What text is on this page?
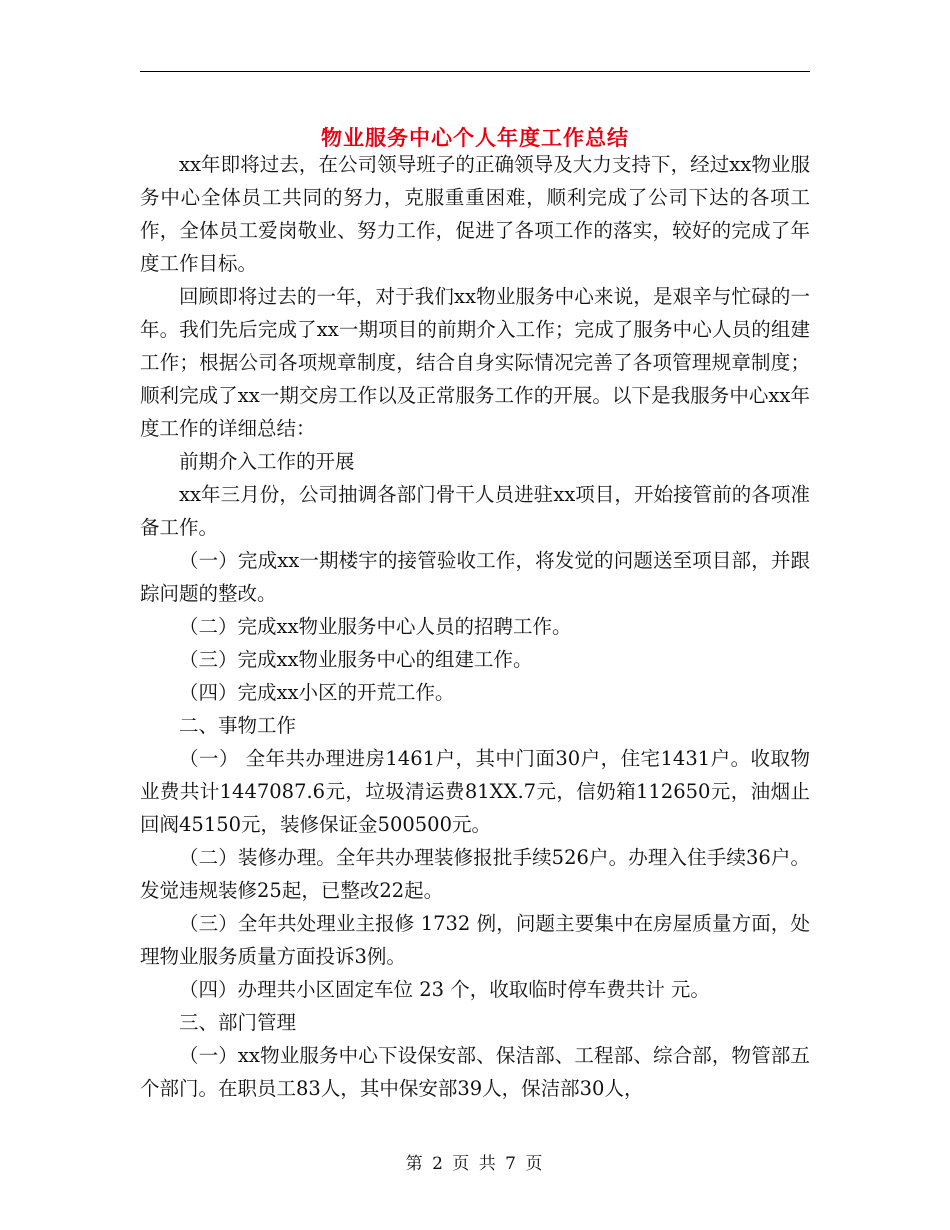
物业服务中心个人年度工作总结

xx年即将过去，在公司领导班子的正确领导及大力支持下，经过xx物业服务中心全体员工共同的努力，克服重重困难，顺利完成了公司下达的各项工作，全体员工爱岗敬业、努力工作，促进了各项工作的落实，较好的完成了年度工作目标。

回顾即将过去的一年，对于我们xx物业服务中心来说，是艰辛与忙碌的一年。我们先后完成了xx一期项目的前期介入工作；完成了服务中心人员的组建工作；根据公司各项规章制度，结合自身实际情况完善了各项管理规章制度；顺利完成了xx一期交房工作以及正常服务工作的开展。以下是我服务中心xx年度工作的详细总结：

前期介入工作的开展

xx年三月份，公司抽调各部门骨干人员进驻xx项目，开始接管前的各项准备工作。

（一）完成xx一期楼宇的接管验收工作，将发觉的问题送至项目部，并跟踪问题的整改。

（二）完成xx物业服务中心人员的招聘工作。

（三）完成xx物业服务中心的组建工作。

（四）完成xx小区的开荒工作。

二、事物工作

（一） 全年共办理进房1461户，其中门面30户，住宅1431户。收取物业费共计1447087.6元，垃圾清运费81XX.7元，信奶箱112650元，油烟止回阀45150元，装修保证金500500元。

（二）装修办理。全年共办理装修报批手续526户。办理入住手续36户。发觉违规装修25起，已整改22起。

（三）全年共处理业主报修 1732 例，问题主要集中在房屋质量方面，处理物业服务质量方面投诉3例。

（四）办理共小区固定车位 23 个，收取临时停车费共计 元。

三、部门管理

（一）xx物业服务中心下设保安部、保洁部、工程部、综合部，物管部五个部门。在职员工83人，其中保安部39人，保洁部30人，

第 2 页 共 7 页
